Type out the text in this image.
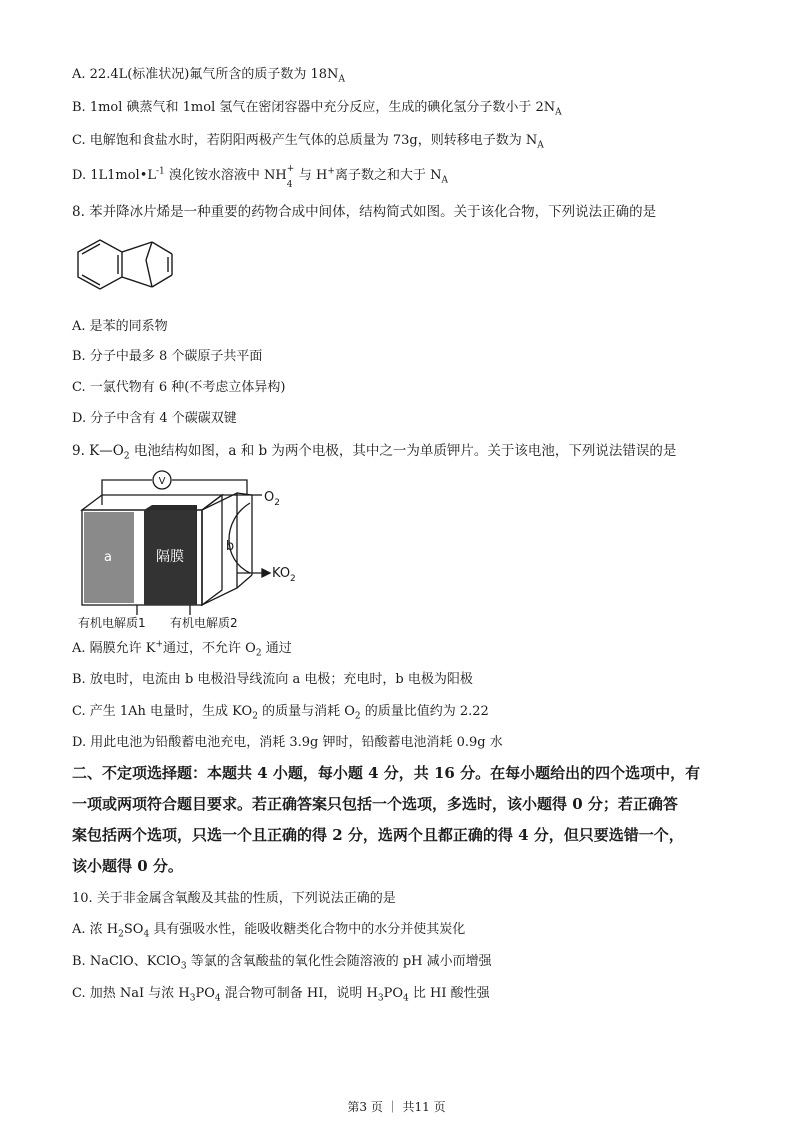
A. 22.4L(标准状况)氟气所含的质子数为 $18N_A$
B. 1mol 碘蒸气和 1mol 氢气在密闭容器中充分反应，生成的碘化氢分子数小于 $2N_A$
C. 电解饱和食盐水时，若阴阳两极产生气体的总质量为 73g，则转移电子数为 $N_A$
D. $1L1mol•L^{-1}$ 溴化铵水溶液中 NH +
4
与 H+离子数之和大于 $N_A$
8. 苯并降冰片烯是一种重要的药物合成中间体，结构简式如图。关于该化合物，下列说法正确的是
A. 是苯的同系物
B. 分子中最多 8 个碳原子共平面
C. 一氯代物有 6 种(不考虑立体异构)
D. 分子中含有 4 个碳碳双键
9. $K—O_2$ 电池结构如图，a 和 b 为两个电极，其中之一为单质钾片。关于该电池，下列说法错误的是
a	隔膜
b
V
$O_2$
$KO_2$
有机电解质1 有机电解质2
A. 隔膜允许 K+通过，不允许 $O_2$ 通过
B. 放电时，电流由 b 电极沿导线流向 a 电极；充电时，b 电极为阳极
C. 产生 1Ah 电量时，生成 $KO_2$ 的质量与消耗 $O_2$ 的质量比值约为 2.22
D. 用此电池为铅酸蓄电池充电，消耗 3.9g 钾时，铅酸蓄电池消耗 0.9g 水
二、不定项选择题：本题共 4 小题，每小题 4 分，共 16 分。在每小题给出的四个选项中，有
一项或两项符合题目要求。若正确答案只包括一个选项，多选时，该小题得 0 分；若正确答
案包括两个选项，只选一个且正确的得 2 分，选两个且都正确的得 4 分，但只要选错一个，
该小题得 0 分。
10. 关于非金属含氧酸及其盐的性质，下列说法正确的是
A. 浓 $H_2SO_4$ 具有强吸水性，能吸收糖类化合物中的水分并使其炭化
B. NaClO、KClO$_3$ 等氯的含氧酸盐的氧化性会随溶液的 pH 减小而增强
C. 加热 NaI 与浓 $H_3PO_4$ 混合物可制备 HI，说明 $H_3PO_4$ 比 HI 酸性强
第3 页 ｜ 共11 页
